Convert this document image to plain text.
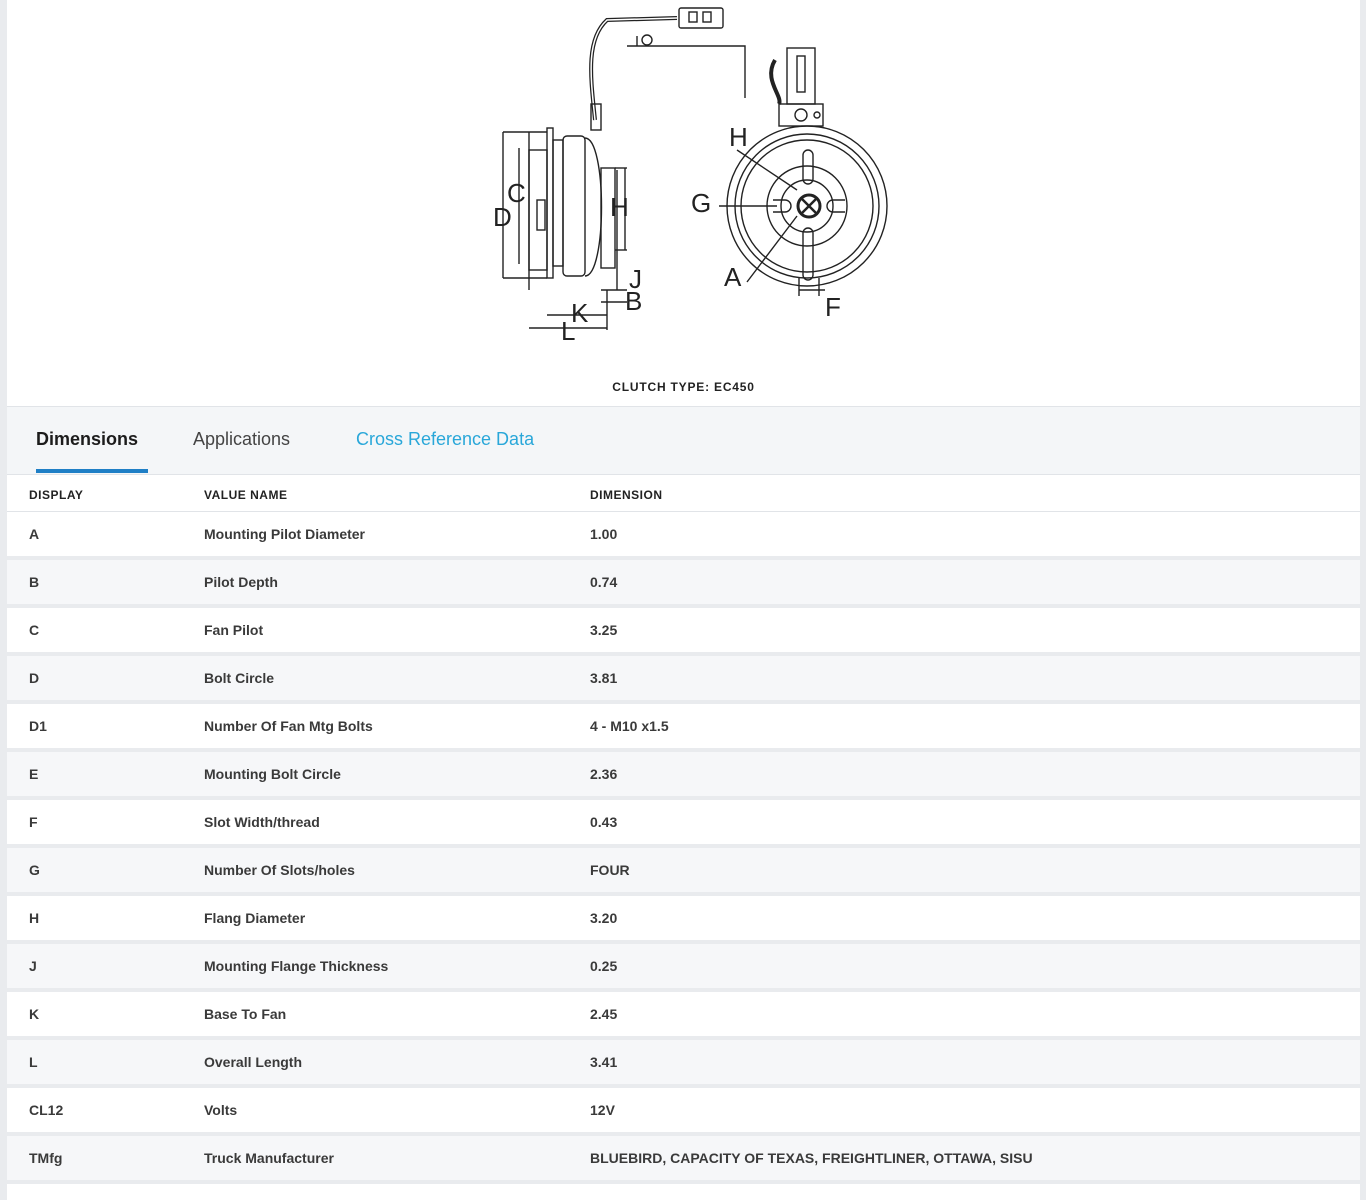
C
D	H
J
B
K
L
H
G
A
F
CLUTCH TYPE: EC450
Dimensions	Applications	Cross Reference Data
DISPLAY	VALUE NAME	DIMENSION
A	Mounting Pilot Diameter	1.00
B	Pilot Depth	0.74
C	Fan Pilot	3.25
D	Bolt Circle	3.81
D1	Number Of Fan Mtg Bolts	4 - M10 x1.5
E	Mounting Bolt Circle	2.36
F	Slot Width/thread	0.43
G	Number Of Slots/holes	FOUR
H	Flang Diameter	3.20
J	Mounting Flange Thickness	0.25
K	Base To Fan	2.45
L	Overall Length	3.41
CL12	Volts	12V
TMfg	Truck Manufacturer	BLUEBIRD, CAPACITY OF TEXAS, FREIGHTLINER, OTTAWA, SISU
